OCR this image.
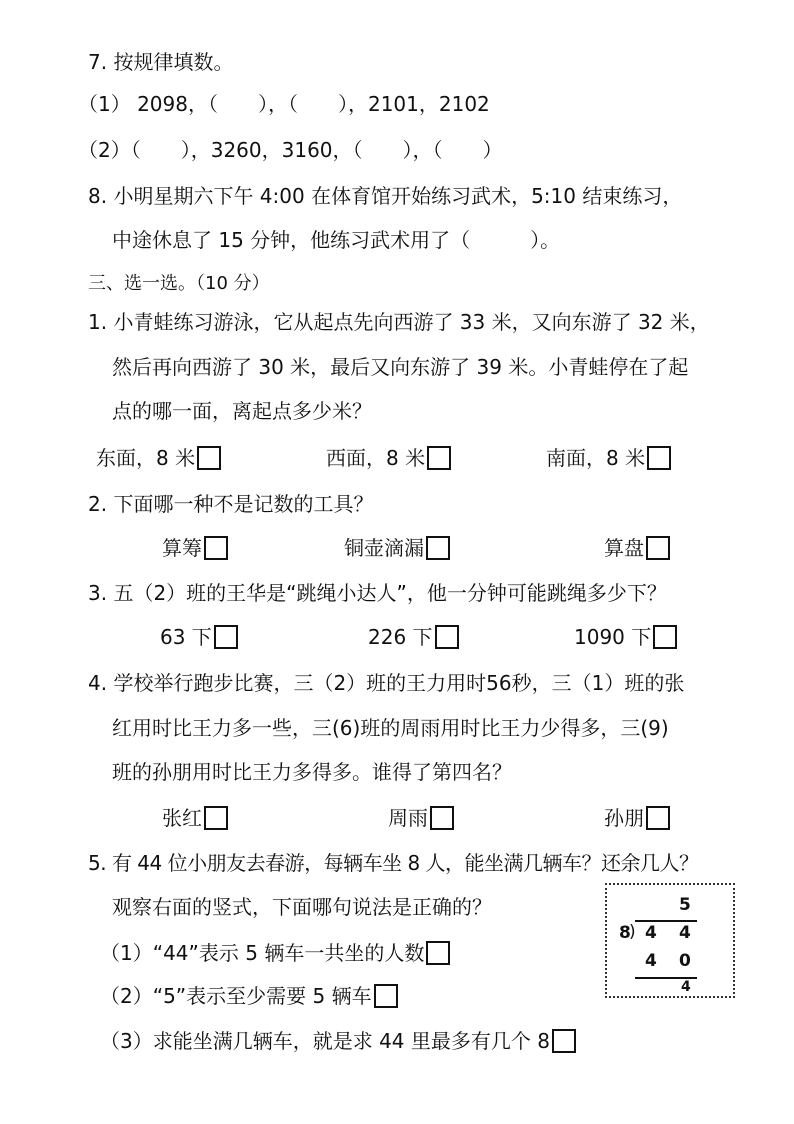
7. 按规律填数。
（1） 2098，（　　），（　　），2101，2102
（2）（　　），3260，3160，（　　），（　　）
8. 小明星期六下午 4:00 在体育馆开始练习武术，5:10 结束练习，
中途休息了 15 分钟，他练习武术用了（　　　）。
三、选一选。（10 分）
1. 小青蛙练习游泳，它从起点先向西游了 33 米，又向东游了 32 米，
然后再向西游了 30 米，最后又向东游了 39 米。小青蛙停在了起
点的哪一面，离起点多少米？
东面，8 米	西面，8 米	南面，8 米
2. 下面哪一种不是记数的工具？
算筹	铜壶滴漏	算盘
3. 五（2）班的王华是“跳绳小达人”，他一分钟可能跳绳多少下？
63 下	226 下	1090 下
4. 学校举行跑步比赛，三（2）班的王力用时56秒，三（1）班的张
红用时比王力多一些，三(6)班的周雨用时比王力少得多，三(9)
班的孙朋用时比王力多得多。谁得了第四名？
张红	周雨	孙朋
5. 有 44 位小朋友去春游，每辆车坐 8 人，能坐满几辆车？还余几人？
观察右面的竖式，下面哪句说法是正确的？
（1）“44”表示 5 辆车一共坐的人数
（2）“5”表示至少需要 5 辆车
（3）求能坐满几辆车，就是求 44 里最多有几个 8
5
8
) 4 4
4 0
4
